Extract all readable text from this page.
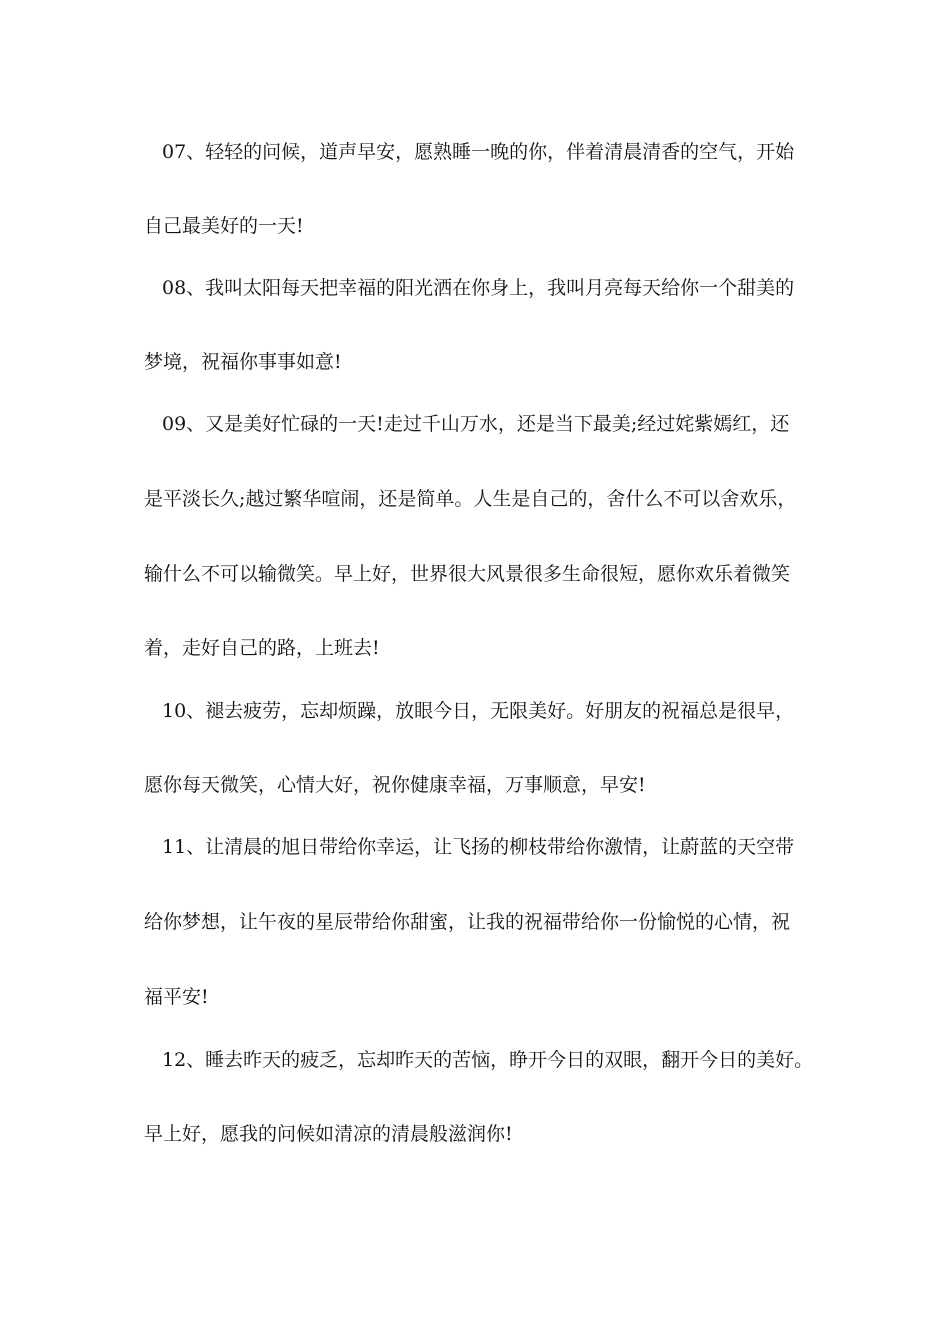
07、轻轻的问候，道声早安，愿熟睡一晚的你，伴着清晨清香的空气，开始
自己最美好的一天!
08、我叫太阳每天把幸福的阳光洒在你身上，我叫月亮每天给你一个甜美的
梦境，祝福你事事如意!
09、又是美好忙碌的一天!走过千山万水，还是当下最美;经过姹紫嫣红，还
是平淡长久;越过繁华喧闹，还是简单。人生是自己的，舍什么不可以舍欢乐，
输什么不可以输微笑。早上好，世界很大风景很多生命很短，愿你欢乐着微笑
着，走好自己的路，上班去!
10、褪去疲劳，忘却烦躁，放眼今日，无限美好。好朋友的祝福总是很早，
愿你每天微笑，心情大好，祝你健康幸福，万事顺意，早安!
11、让清晨的旭日带给你幸运，让飞扬的柳枝带给你激情，让蔚蓝的天空带
给你梦想，让午夜的星辰带给你甜蜜，让我的祝福带给你一份愉悦的心情，祝
福平安!
12、睡去昨天的疲乏，忘却昨天的苦恼，睁开今日的双眼，翻开今日的美好。
早上好，愿我的问候如清凉的清晨般滋润你!
